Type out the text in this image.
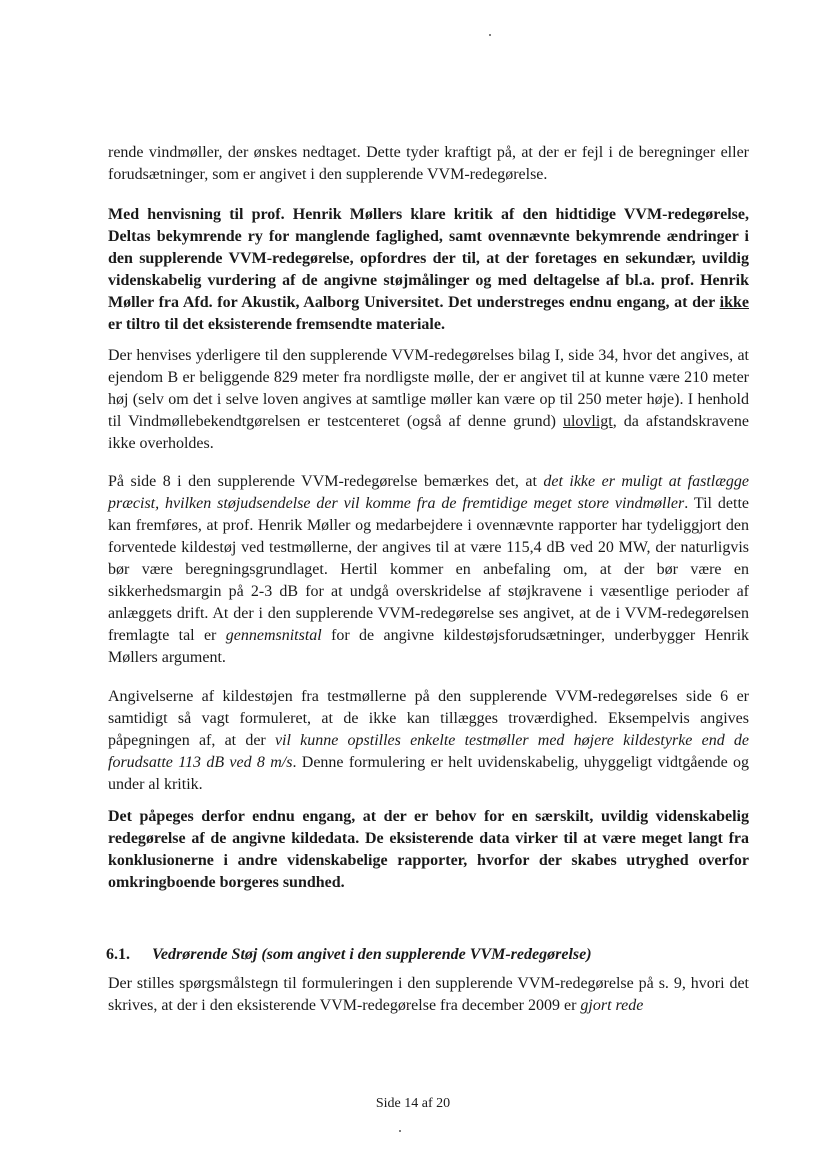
rende vindmøller, der ønskes nedtaget. Dette tyder kraftigt på, at der er fejl i de beregninger eller forudsætninger, som er angivet i den supplerende VVM-redegørelse.

Med henvisning til prof. Henrik Møllers klare kritik af den hidtidige VVM-redegørelse, Deltas bekymrende ry for manglende faglighed, samt ovennævnte bekymrende ændringer i den supplerende VVM-redegørelse, opfordres der til, at der foretages en sekundær, uvildig videnskabelig vurdering af de angivne støjmålinger og med deltagelse af bl.a. prof. Henrik Møller fra Afd. for Akustik, Aalborg Universitet. Det understreges endnu engang, at der ikke er tiltro til det eksisterende fremsendte materiale.

Der henvises yderligere til den supplerende VVM-redegørelses bilag I, side 34, hvor det angives, at ejendom B er beliggende 829 meter fra nordligste mølle, der er angivet til at kunne være 210 meter høj (selv om det i selve loven angives at samtlige møller kan være op til 250 meter høje). I henhold til Vindmøllebekendtgørelsen er testcenteret (også af denne grund) ulovligt, da afstandskravene ikke overholdes.

På side 8 i den supplerende VVM-redegørelse bemærkes det, at det ikke er muligt at fastlægge præcist, hvilken støjudsendelse der vil komme fra de fremtidige meget store vindmøller. Til dette kan fremføres, at prof. Henrik Møller og medarbejdere i ovennævnte rapporter har tydeliggjort den forventede kildestøj ved testmøllerne, der angives til at være 115,4 dB ved 20 MW, der naturligvis bør være beregningsgrundlaget. Hertil kommer en anbefaling om, at der bør være en sikkerhedsmargin på 2-3 dB for at undgå overskridelse af støjkravene i væsentlige perioder af anlæggets drift. At der i den supplerende VVM-redegørelse ses angivet, at de i VVM-redegørelsen fremlagte tal er gennemsnitstal for de angivne kildestøjsforudsætninger, underbygger Henrik Møllers argument.

Angivelserne af kildestøjen fra testmøllerne på den supplerende VVM-redegørelses side 6 er samtidigt så vagt formuleret, at de ikke kan tillægges troværdighed. Eksempelvis angives påpegningen af, at der vil kunne opstilles enkelte testmøller med højere kildestyrke end de forudsatte 113 dB ved 8 m/s. Denne formulering er helt uvidenskabelig, uhyggeligt vidtgående og under al kritik.

Det påpeges derfor endnu engang, at der er behov for en særskilt, uvildig videnskabelig redegørelse af de angivne kildedata. De eksisterende data virker til at være meget langt fra konklusionerne i andre videnskabelige rapporter, hvorfor der skabes utryghed overfor omkringboende borgeres sundhed.

6.1. Vedrørende Støj (som angivet i den supplerende VVM-redegørelse)

Der stilles spørgsmålstegn til formuleringen i den supplerende VVM-redegørelse på s. 9, hvori det skrives, at der i den eksisterende VVM-redegørelse fra december 2009 er gjort rede

Side 14 af 20
